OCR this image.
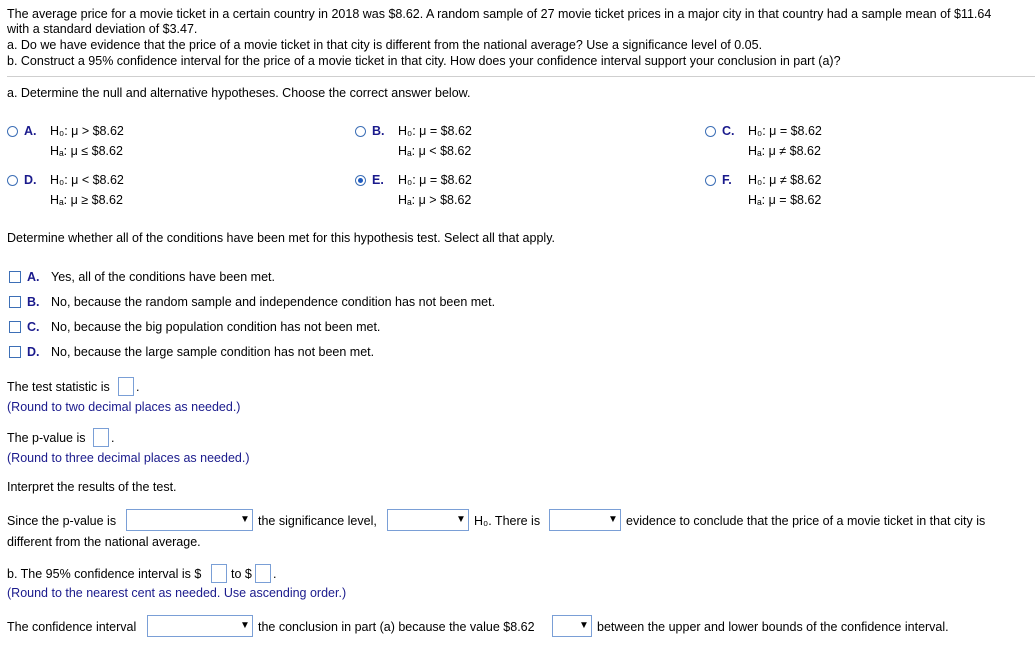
The average price for a movie ticket in a certain country in 2018 was $8.62. A random sample of 27 movie ticket prices in a major city in that country had a sample mean of $11.64
with a standard deviation of $3.47.
a. Do we have evidence that the price of a movie ticket in that city is different from the national average? Use a significance level of 0.05.
b. Construct a 95% confidence interval for the price of a movie ticket in that city. How does your confidence interval support your conclusion in part (a)?
a. Determine the null and alternative hypotheses. Choose the correct answer below.
A. H₀: μ > $8.62
Hₐ: μ ≤ $8.62
B. H₀: μ = $8.62
Hₐ: μ < $8.62
C. H₀: μ = $8.62
Hₐ: μ ≠ $8.62
D. H₀: μ < $8.62
Hₐ: μ ≥ $8.62
E. H₀: μ = $8.62
Hₐ: μ > $8.62
F. H₀: μ ≠ $8.62
Hₐ: μ = $8.62
Determine whether all of the conditions have been met for this hypothesis test. Select all that apply.
A. Yes, all of the conditions have been met.
B. No, because the random sample and independence condition has not been met.
C. No, because the big population condition has not been met.
D. No, because the large sample condition has not been met.
The test statistic is .
(Round to two decimal places as needed.)
The p-value is .
(Round to three decimal places as needed.)
Interpret the results of the test.
Since the p-value is	▼ the significance level,	▼ H₀. There is	▼ evidence to conclude that the price of a movie ticket in that city is
different from the national average.
b. The 95% confidence interval is $ to $ .
(Round to the nearest cent as needed. Use ascending order.)
The confidence interval	▼ the conclusion in part (a) because the value $8.62	▼ between the upper and lower bounds of the confidence interval.
